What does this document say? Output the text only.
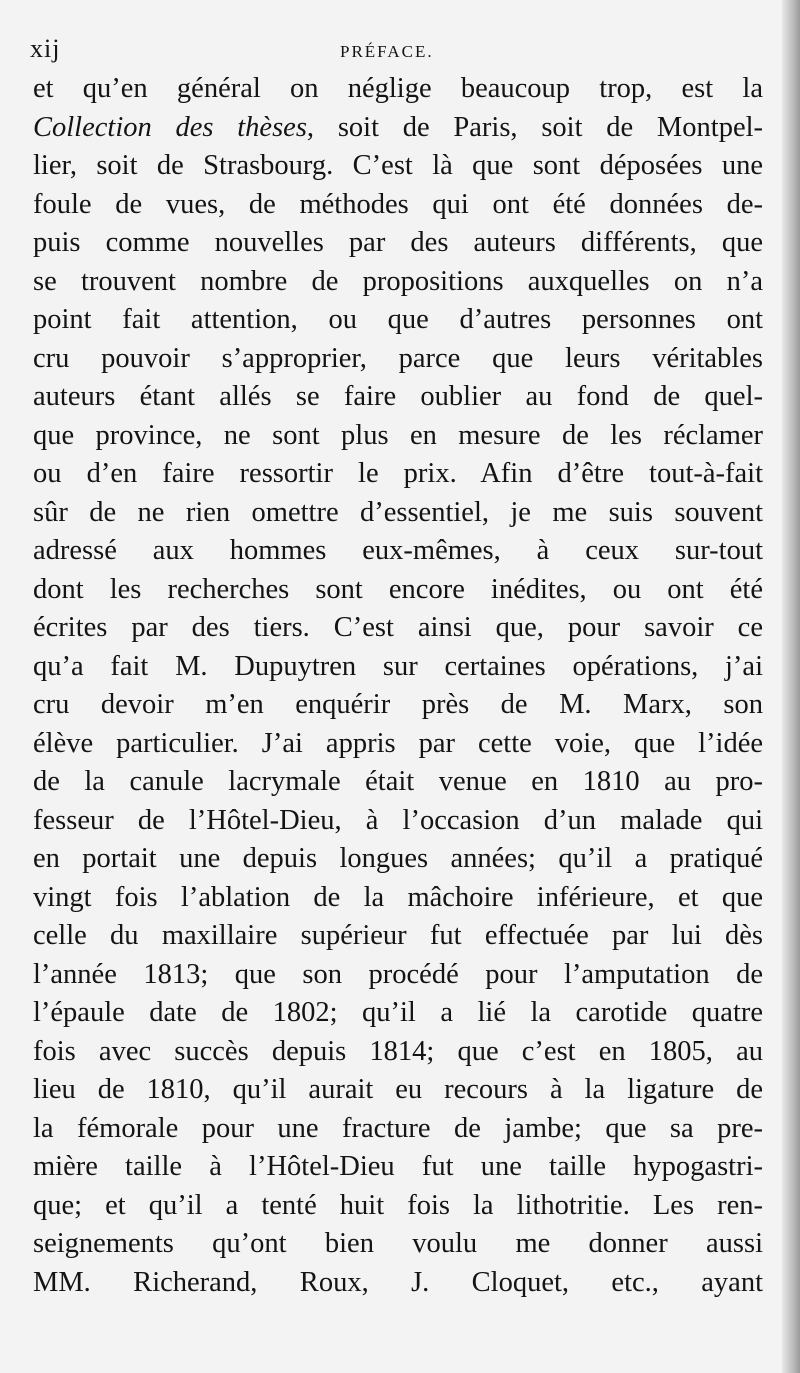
xij	PRÉFACE.
et qu’en général on néglige beaucoup trop, est la
Collection des thèses, soit de Paris, soit de Montpel-
lier, soit de Strasbourg. C’est là que sont déposées une
foule de vues, de méthodes qui ont été données de-
puis comme nouvelles par des auteurs différents, que
se trouvent nombre de propositions auxquelles on n’a
point fait attention, ou que d’autres personnes ont
cru pouvoir s’approprier, parce que leurs véritables
auteurs étant allés se faire oublier au fond de quel-
que province, ne sont plus en mesure de les réclamer
ou d’en faire ressortir le prix. Afin d’être tout-à-fait
sûr de ne rien omettre d’essentiel, je me suis souvent
adressé aux hommes eux-mêmes, à ceux sur-tout
dont les recherches sont encore inédites, ou ont été
écrites par des tiers. C’est ainsi que, pour savoir ce
qu’a fait M. Dupuytren sur certaines opérations, j’ai
cru devoir m’en enquérir près de M. Marx, son
élève particulier. J’ai appris par cette voie, que l’idée
de la canule lacrymale était venue en 1810 au pro-
fesseur de l’Hôtel-Dieu, à l’occasion d’un malade qui
en portait une depuis longues années; qu’il a pratiqué
vingt fois l’ablation de la mâchoire inférieure, et que
celle du maxillaire supérieur fut effectuée par lui dès
l’année 1813; que son procédé pour l’amputation de
l’épaule date de 1802; qu’il a lié la carotide quatre
fois avec succès depuis 1814; que c’est en 1805, au
lieu de 1810, qu’il aurait eu recours à la ligature de
la fémorale pour une fracture de jambe; que sa pre-
mière taille à l’Hôtel-Dieu fut une taille hypogastri-
que; et qu’il a tenté huit fois la lithotritie. Les ren-
seignements qu’ont bien voulu me donner aussi
MM. Richerand, Roux, J. Cloquet, etc., ayant
